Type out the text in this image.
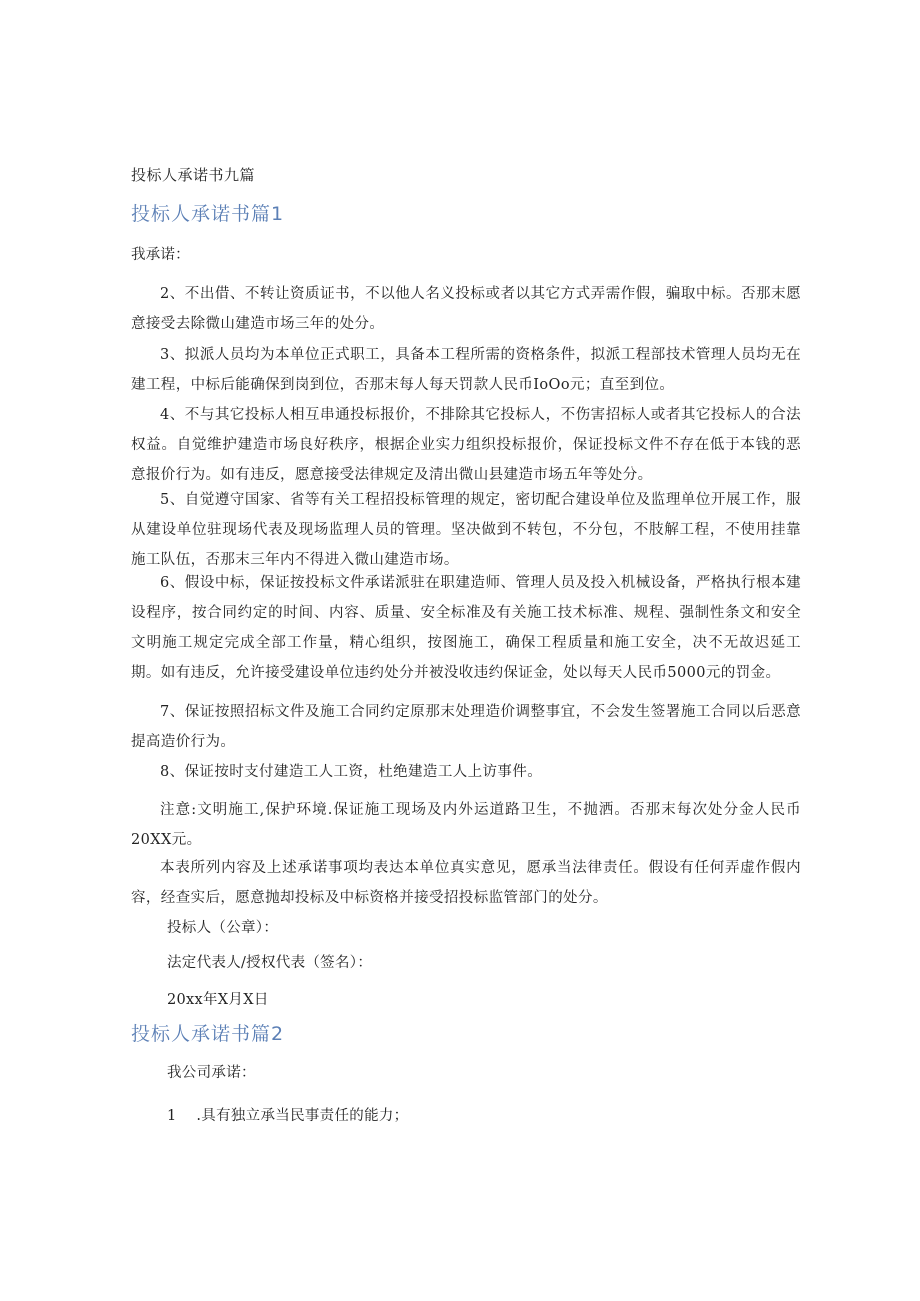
投标人承诺书九篇
投标人承诺书篇1
我承诺：
2、不出借、不转让资质证书，不以他人名义投标或者以其它方式弄需作假，骗取中标。否那末愿意接受去除微山建造市场三年的处分。
3、拟派人员均为本单位正式职工，具备本工程所需的资格条件，拟派工程部技术管理人员均无在建工程，中标后能确保到岗到位，否那末每人每天罚款人民币IoOo元；直至到位。
4、不与其它投标人相互串通投标报价，不排除其它投标人，不伤害招标人或者其它投标人的合法权益。自觉维护建造市场良好秩序，根据企业实力组织投标报价，保证投标文件不存在低于本钱的恶意报价行为。如有违反，愿意接受法律规定及清出微山县建造市场五年等处分。
5、自觉遵守国家、省等有关工程招投标管理的规定，密切配合建设单位及监理单位开展工作，服从建设单位驻现场代表及现场监理人员的管理。坚决做到不转包，不分包，不肢解工程，不使用挂靠施工队伍，否那末三年内不得进入微山建造市场。
6、假设中标，保证按投标文件承诺派驻在职建造师、管理人员及投入机械设备，严格执行根本建设程序，按合同约定的时间、内容、质量、安全标准及有关施工技术标准、规程、强制性条文和安全文明施工规定完成全部工作量，精心组织，按图施工，确保工程质量和施工安全，决不无故迟延工期。如有违反，允许接受建设单位违约处分并被没收违约保证金，处以每天人民币5000元的罚金。
7、保证按照招标文件及施工合同约定原那末处理造价调整事宜，不会发生签署施工合同以后恶意提高造价行为。
8、保证按时支付建造工人工资，杜绝建造工人上访事件。
注意:文明施工,保护环境.保证施工现场及内外运道路卫生，不抛洒。否那末每次处分金人民币20XX元。
本表所列内容及上述承诺事项均表达本单位真实意见，愿承当法律责任。假设有任何弄虚作假内容，经查实后，愿意抛却投标及中标资格并接受招投标监管部门的处分。
投标人（公章）：
法定代表人/授权代表（签名）：
20xx年X月X日
投标人承诺书篇2
我公司承诺：
1 .具有独立承当民事责任的能力；
